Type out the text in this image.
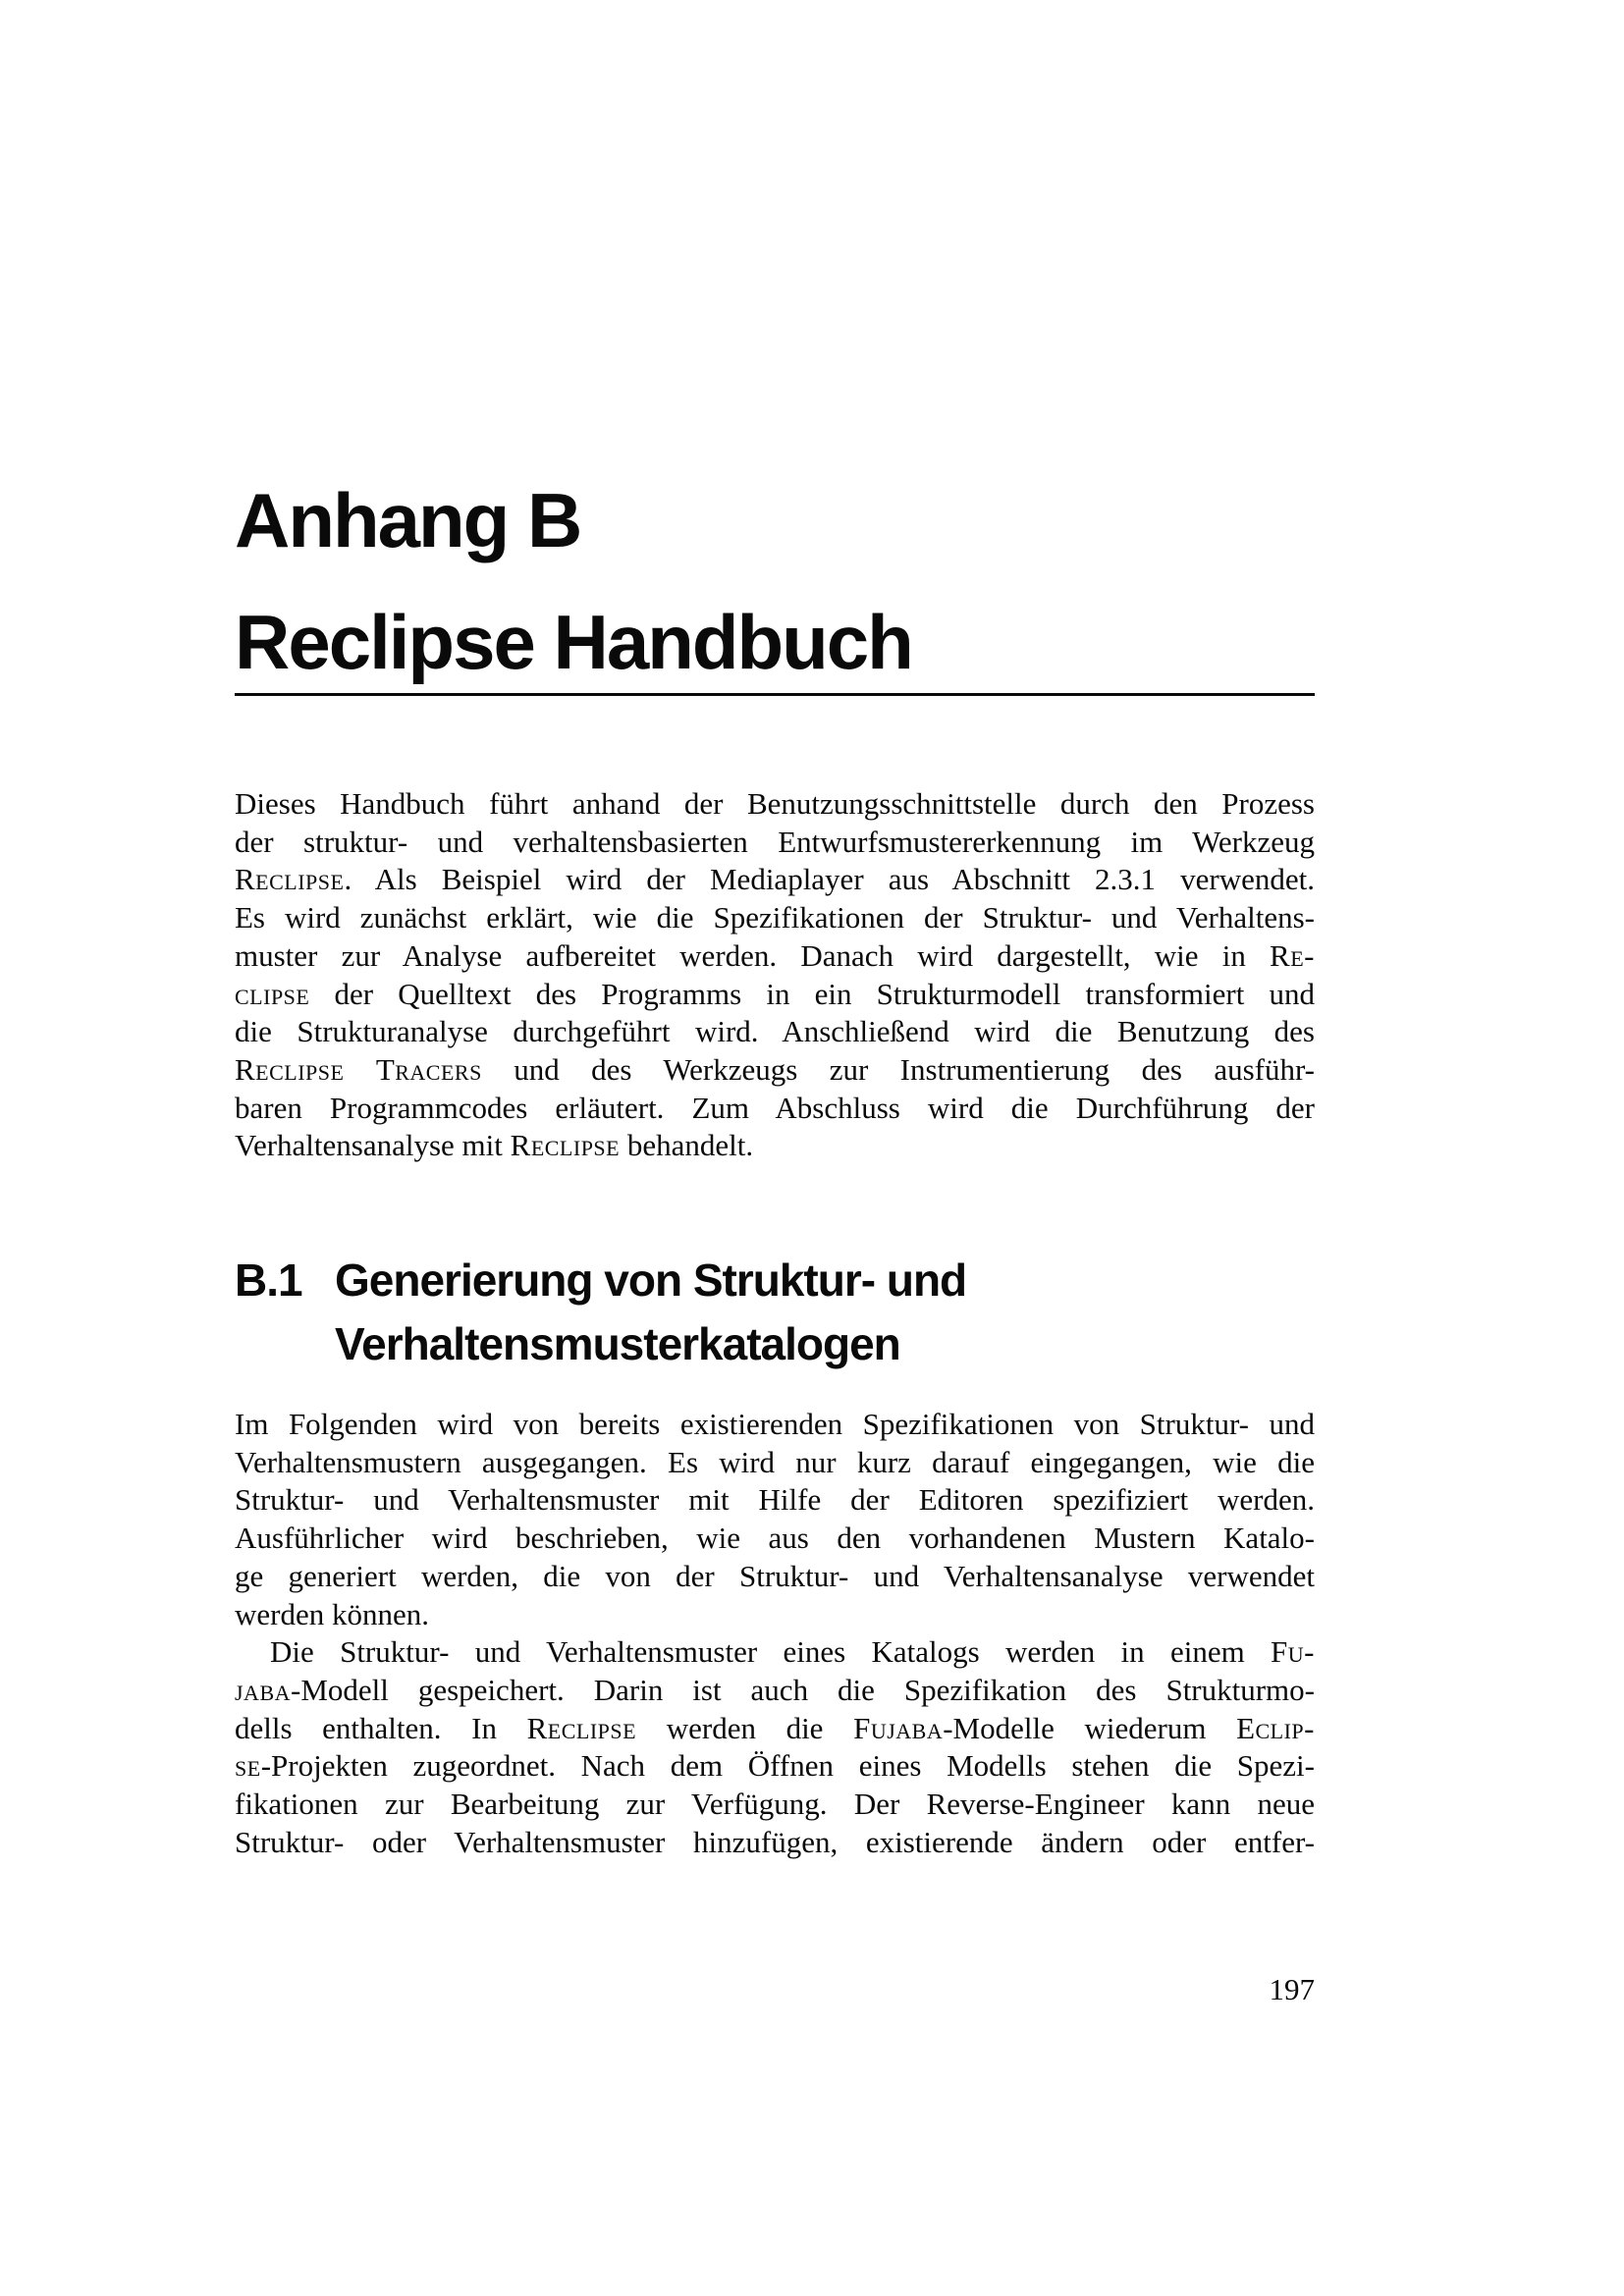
Anhang B
Reclipse Handbuch
Dieses Handbuch führt anhand der Benutzungsschnittstelle durch den Prozess
der struktur- und verhaltensbasierten Entwurfsmustererkennung im Werkzeug
Reclipse. Als Beispiel wird der Mediaplayer aus Abschnitt 2.3.1 verwendet.
Es wird zunächst erklärt, wie die Spezifikationen der Struktur- und Verhaltens-
muster zur Analyse aufbereitet werden. Danach wird dargestellt, wie in Re-
clipse der Quelltext des Programms in ein Strukturmodell transformiert und
die Strukturanalyse durchgeführt wird. Anschließend wird die Benutzung des
Reclipse Tracers und des Werkzeugs zur Instrumentierung des ausführ-
baren Programmcodes erläutert. Zum Abschluss wird die Durchführung der
Verhaltensanalyse mit Reclipse behandelt.
B.1 Generierung von Struktur- und
Verhaltensmusterkatalogen
Im Folgenden wird von bereits existierenden Spezifikationen von Struktur- und
Verhaltensmustern ausgegangen. Es wird nur kurz darauf eingegangen, wie die
Struktur- und Verhaltensmuster mit Hilfe der Editoren spezifiziert werden.
Ausführlicher wird beschrieben, wie aus den vorhandenen Mustern Katalo-
ge generiert werden, die von der Struktur- und Verhaltensanalyse verwendet
werden können.
Die Struktur- und Verhaltensmuster eines Katalogs werden in einem Fu-
jaba-Modell gespeichert. Darin ist auch die Spezifikation des Strukturmo-
dells enthalten. In Reclipse werden die Fujaba-Modelle wiederum Eclip-
se-Projekten zugeordnet. Nach dem Öffnen eines Modells stehen die Spezi-
fikationen zur Bearbeitung zur Verfügung. Der Reverse-Engineer kann neue
Struktur- oder Verhaltensmuster hinzufügen, existierende ändern oder entfer-
197
